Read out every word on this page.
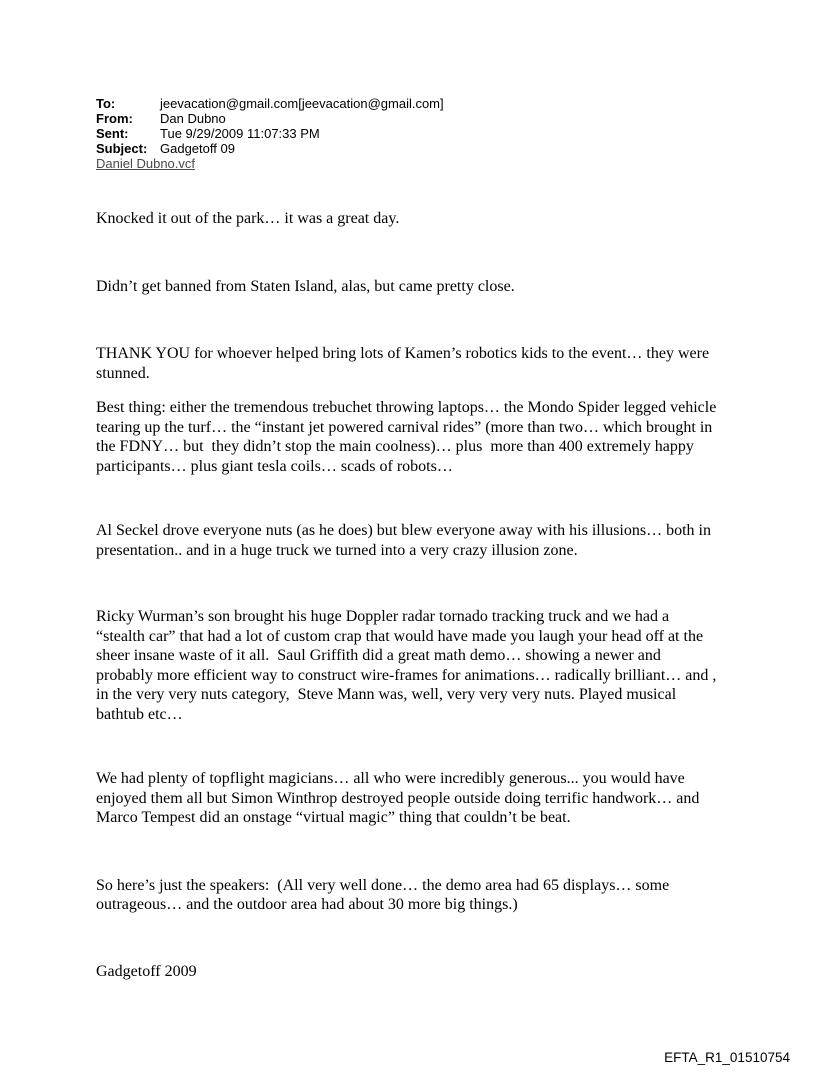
To:	jeevacation@gmail.com[jeevacation@gmail.com]
From:	Dan Dubno
Sent:	Tue 9/29/2009 11:07:33 PM
Subject: Gadgetoff 09
Daniel Dubno.vcf

Knocked it out of the park… it was a great day.

Didn’t get banned from Staten Island, alas, but came pretty close.

THANK YOU for whoever helped bring lots of Kamen’s robotics kids to the event… they were stunned.

Best thing: either the tremendous trebuchet throwing laptops… the Mondo Spider legged vehicle tearing up the turf… the “instant jet powered carnival rides” (more than two… which brought in the FDNY… but  they didn’t stop the main coolness)… plus  more than 400 extremely happy participants… plus giant tesla coils… scads of robots…

Al Seckel drove everyone nuts (as he does) but blew everyone away with his illusions… both in presentation.. and in a huge truck we turned into a very crazy illusion zone.

Ricky Wurman’s son brought his huge Doppler radar tornado tracking truck and we had a “stealth car” that had a lot of custom crap that would have made you laugh your head off at the sheer insane waste of it all.  Saul Griffith did a great math demo… showing a newer and probably more efficient way to construct wire-frames for animations… radically brilliant… and , in the very very nuts category,  Steve Mann was, well, very very very nuts. Played musical bathtub etc…

We had plenty of topflight magicians… all who were incredibly generous... you would have enjoyed them all but Simon Winthrop destroyed people outside doing terrific handwork… and Marco Tempest did an onstage “virtual magic” thing that couldn’t be beat.

So here’s just the speakers:  (All very well done… the demo area had 65 displays… some outrageous… and the outdoor area had about 30 more big things.)

Gadgetoff 2009

EFTA_R1_01510754
